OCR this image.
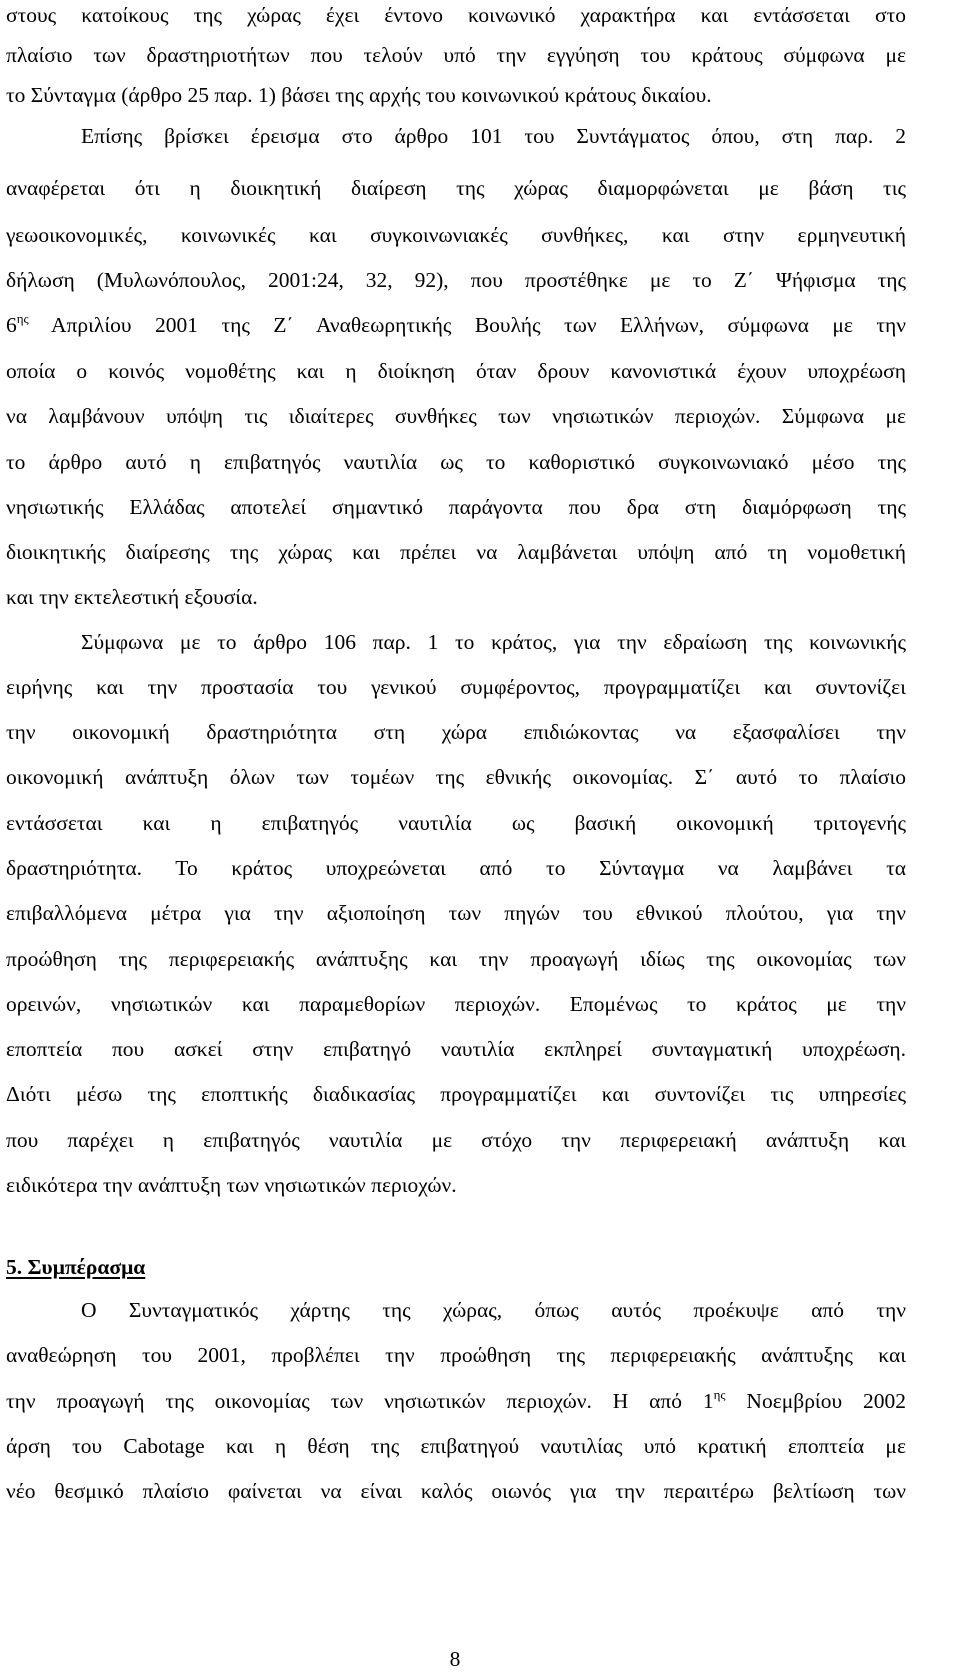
στους κατοίκους της χώρας έχει έντονο κοινωνικό χαρακτήρα και εντάσσεται στο
πλαίσιο των δραστηριοτήτων που τελούν υπό την εγγύηση του κράτους σύμφωνα με
το Σύνταγμα (άρθρο 25 παρ. 1) βάσει της αρχής του κοινωνικού κράτους δικαίου.
Επίσης βρίσκει έρεισμα στο άρθρο 101 του Συντάγματος όπου, στη παρ. 2
αναφέρεται ότι η διοικητική διαίρεση της χώρας διαμορφώνεται με βάση τις
γεωοικονομικές, κοινωνικές και συγκοινωνιακές συνθήκες, και στην ερμηνευτική
δήλωση (Μυλωνόπουλος, 2001:24, 32, 92), που προστέθηκε με το Ζ΄ Ψήφισμα της
$6^{\eta\varsigma}$ Απριλίου 2001 της Ζ΄ Αναθεωρητικής Βουλής των Ελλήνων, σύμφωνα με την
οποία ο κοινός νομοθέτης και η διοίκηση όταν δρουν κανονιστικά έχουν υποχρέωση
να λαμβάνουν υπόψη τις ιδιαίτερες συνθήκες των νησιωτικών περιοχών. Σύμφωνα με
το άρθρο αυτό η επιβατηγός ναυτιλία ως το καθοριστικό συγκοινωνιακό μέσο της
νησιωτικής Ελλάδας αποτελεί σημαντικό παράγοντα που δρα στη διαμόρφωση της
διοικητικής διαίρεσης της χώρας και πρέπει να λαμβάνεται υπόψη από τη νομοθετική
και την εκτελεστική εξουσία.
Σύμφωνα με το άρθρο 106 παρ. 1 το κράτος, για την εδραίωση της κοινωνικής
ειρήνης και την προστασία του γενικού συμφέροντος, προγραμματίζει και συντονίζει
την οικονομική δραστηριότητα στη χώρα επιδιώκοντας να εξασφαλίσει την
οικονομική ανάπτυξη όλων των τομέων της εθνικής οικονομίας. Σ΄ αυτό το πλαίσιο
εντάσσεται και η επιβατηγός ναυτιλία ως βασική οικονομική τριτογενής
δραστηριότητα. Το κράτος υποχρεώνεται από το Σύνταγμα να λαμβάνει τα
επιβαλλόμενα μέτρα για την αξιοποίηση των πηγών του εθνικού πλούτου, για την
προώθηση της περιφερειακής ανάπτυξης και την προαγωγή ιδίως της οικονομίας των
ορεινών, νησιωτικών και παραμεθορίων περιοχών. Επομένως το κράτος με την
εποπτεία που ασκεί στην επιβατηγό ναυτιλία εκπληρεί συνταγματική υποχρέωση.
Διότι μέσω της εποπτικής διαδικασίας προγραμματίζει και συντονίζει τις υπηρεσίες
που παρέχει η επιβατηγός ναυτιλία με στόχο την περιφερειακή ανάπτυξη και
ειδικότερα την ανάπτυξη των νησιωτικών περιοχών.
5. Συμπέρασμα
Ο Συνταγματικός χάρτης της χώρας, όπως αυτός προέκυψε από την
αναθεώρηση του 2001, προβλέπει την προώθηση της περιφερειακής ανάπτυξης και
την προαγωγή της οικονομίας των νησιωτικών περιοχών. Η από $1^{\eta\varsigma}$ Νοεμβρίου 2002
άρση του Cabotage και η θέση της επιβατηγού ναυτιλίας υπό κρατική εποπτεία με
νέο θεσμικό πλαίσιο φαίνεται να είναι καλός οιωνός για την περαιτέρω βελτίωση των
8
